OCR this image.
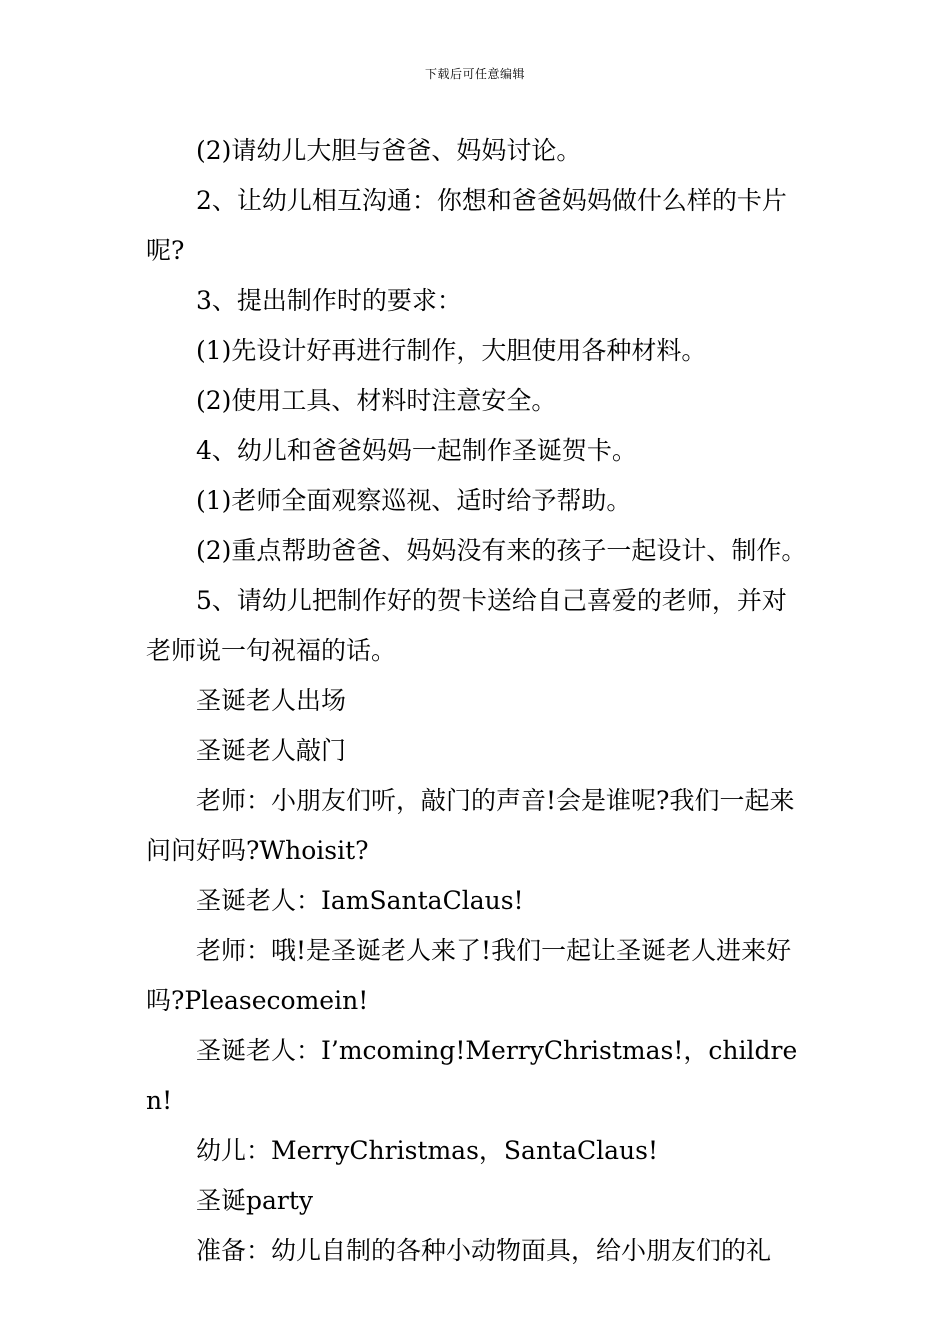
下载后可任意编辑

(2)请幼儿大胆与爸爸、妈妈讨论。

2、让幼儿相互沟通：你想和爸爸妈妈做什么样的卡片呢?

3、提出制作时的要求：

(1)先设计好再进行制作，大胆使用各种材料。

(2)使用工具、材料时注意安全。

4、幼儿和爸爸妈妈一起制作圣诞贺卡。

(1)老师全面观察巡视、适时给予帮助。

(2)重点帮助爸爸、妈妈没有来的孩子一起设计、制作。

5、请幼儿把制作好的贺卡送给自己喜爱的老师，并对老师说一句祝福的话。

圣诞老人出场

圣诞老人敲门

老师：小朋友们听，敲门的声音!会是谁呢?我们一起来问问好吗?Whoisit?

圣诞老人：IamSantaClaus!

老师：哦!是圣诞老人来了!我们一起让圣诞老人进来好吗?Pleasecomein!

圣诞老人：I’mcoming!MerryChristmas!，children!

幼儿：MerryChristmas，SantaClaus!

圣诞party

准备：幼儿自制的各种小动物面具，给小朋友们的礼
